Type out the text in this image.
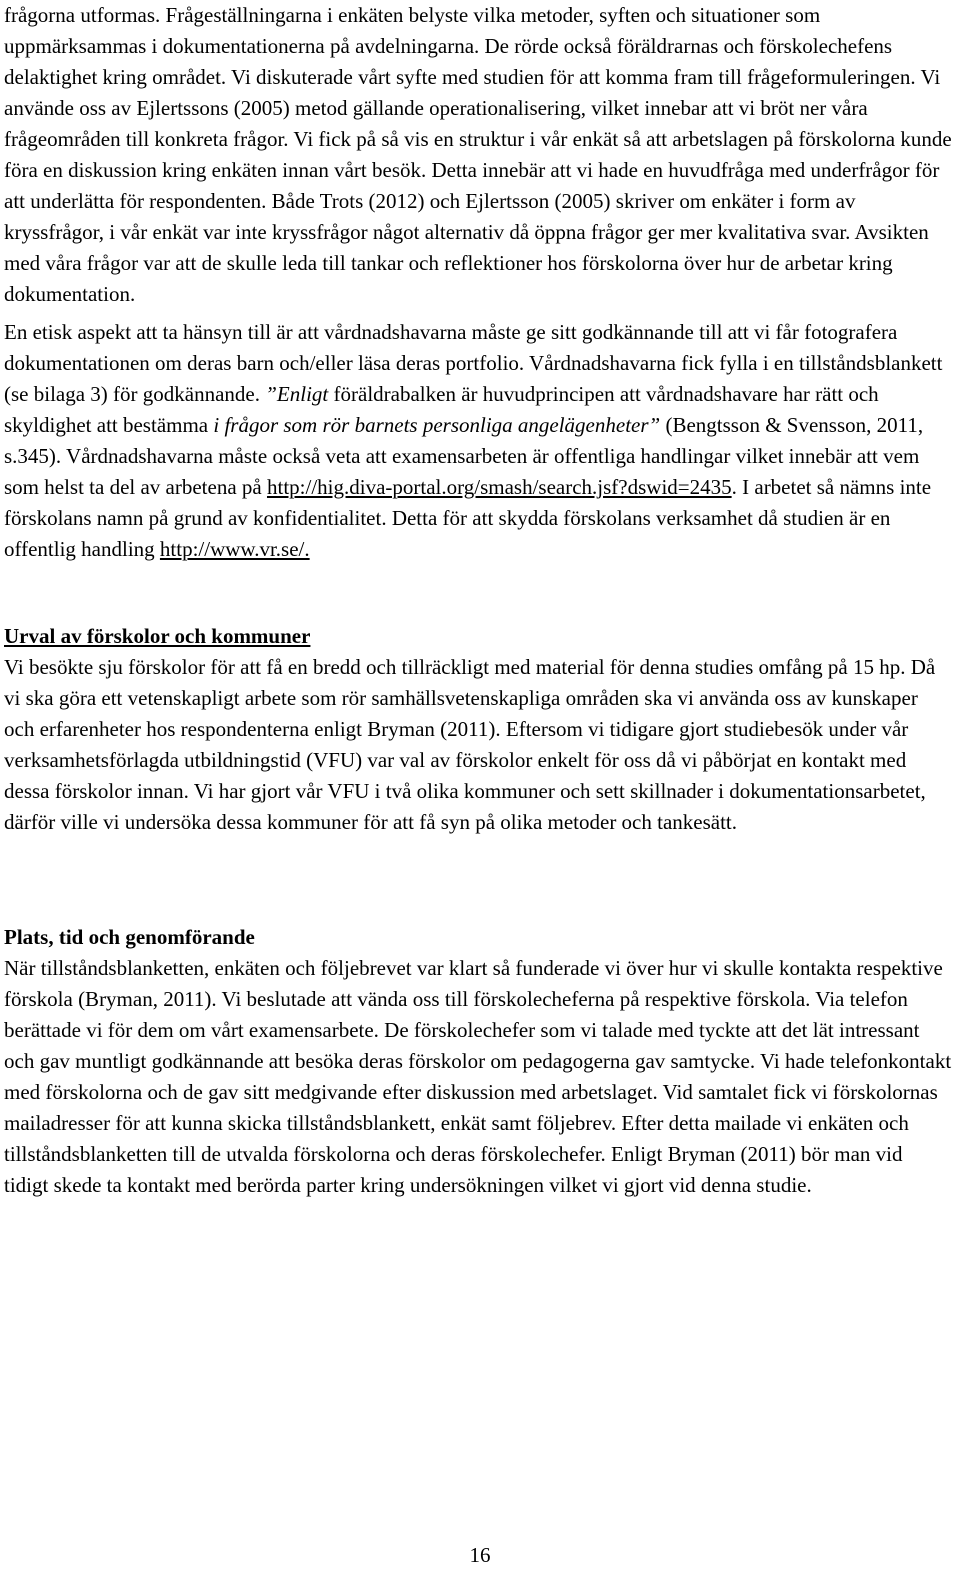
frågorna utformas. Frågeställningarna i enkäten belyste vilka metoder, syften och situationer som uppmärksammas i dokumentationerna på avdelningarna. De rörde också föräldrarnas och förskolechefens delaktighet kring området. Vi diskuterade vårt syfte med studien för att komma fram till frågeformuleringen. Vi använde oss av Ejlertssons (2005) metod gällande operationalisering, vilket innebar att vi bröt ner våra frågeområden till konkreta frågor. Vi fick på så vis en struktur i vår enkät så att arbetslagen på förskolorna kunde föra en diskussion kring enkäten innan vårt besök. Detta innebär att vi hade en huvudfråga med underfrågor för att underlätta för respondenten. Både Trots (2012) och Ejlertsson (2005) skriver om enkäter i form av kryssfrågor, i vår enkät var inte kryssfrågor något alternativ då öppna frågor ger mer kvalitativa svar. Avsikten med våra frågor var att de skulle leda till tankar och reflektioner hos förskolorna över hur de arbetar kring dokumentation.

En etisk aspekt att ta hänsyn till är att vårdnadshavarna måste ge sitt godkännande till att vi får fotografera dokumentationen om deras barn och/eller läsa deras portfolio. Vårdnadshavarna fick fylla i en tillståndsblankett (se bilaga 3) för godkännande. ”Enligt föräldrabalken är huvudprincipen att vårdnadshavare har rätt och skyldighet att bestämma i frågor som rör barnets personliga angelägenheter” (Bengtsson & Svensson, 2011, s.345). Vårdnadshavarna måste också veta att examensarbeten är offentliga handlingar vilket innebär att vem som helst ta del av arbetena på http://hig.diva-portal.org/smash/search.jsf?dswid=2435. I arbetet så nämns inte förskolans namn på grund av konfidentialitet. Detta för att skydda förskolans verksamhet då studien är en offentlig handling http://www.vr.se/.

Urval av förskolor och kommuner

Vi besökte sju förskolor för att få en bredd och tillräckligt med material för denna studies omfång på 15 hp. Då vi ska göra ett vetenskapligt arbete som rör samhällsvetenskapliga områden ska vi använda oss av kunskaper och erfarenheter hos respondenterna enligt Bryman (2011). Eftersom vi tidigare gjort studiebesök under vår verksamhetsförlagda utbildningstid (VFU) var val av förskolor enkelt för oss då vi påbörjat en kontakt med dessa förskolor innan. Vi har gjort vår VFU i två olika kommuner och sett skillnader i dokumentationsarbetet, därför ville vi undersöka dessa kommuner för att få syn på olika metoder och tankesätt.

Plats, tid och genomförande

När tillståndsblanketten, enkäten och följebrevet var klart så funderade vi över hur vi skulle kontakta respektive förskola (Bryman, 2011). Vi beslutade att vända oss till förskolecheferna på respektive förskola. Via telefon berättade vi för dem om vårt examensarbete. De förskolechefer som vi talade med tyckte att det lät intressant och gav muntligt godkännande att besöka deras förskolor om pedagogerna gav samtycke. Vi hade telefonkontakt med förskolorna och de gav sitt medgivande efter diskussion med arbetslaget. Vid samtalet fick vi förskolornas mailadresser för att kunna skicka tillståndsblankett, enkät samt följebrev. Efter detta mailade vi enkäten och tillståndsblanketten till de utvalda förskolorna och deras förskolechefer. Enligt Bryman (2011) bör man vid tidigt skede ta kontakt med berörda parter kring undersökningen vilket vi gjort vid denna studie.

16
